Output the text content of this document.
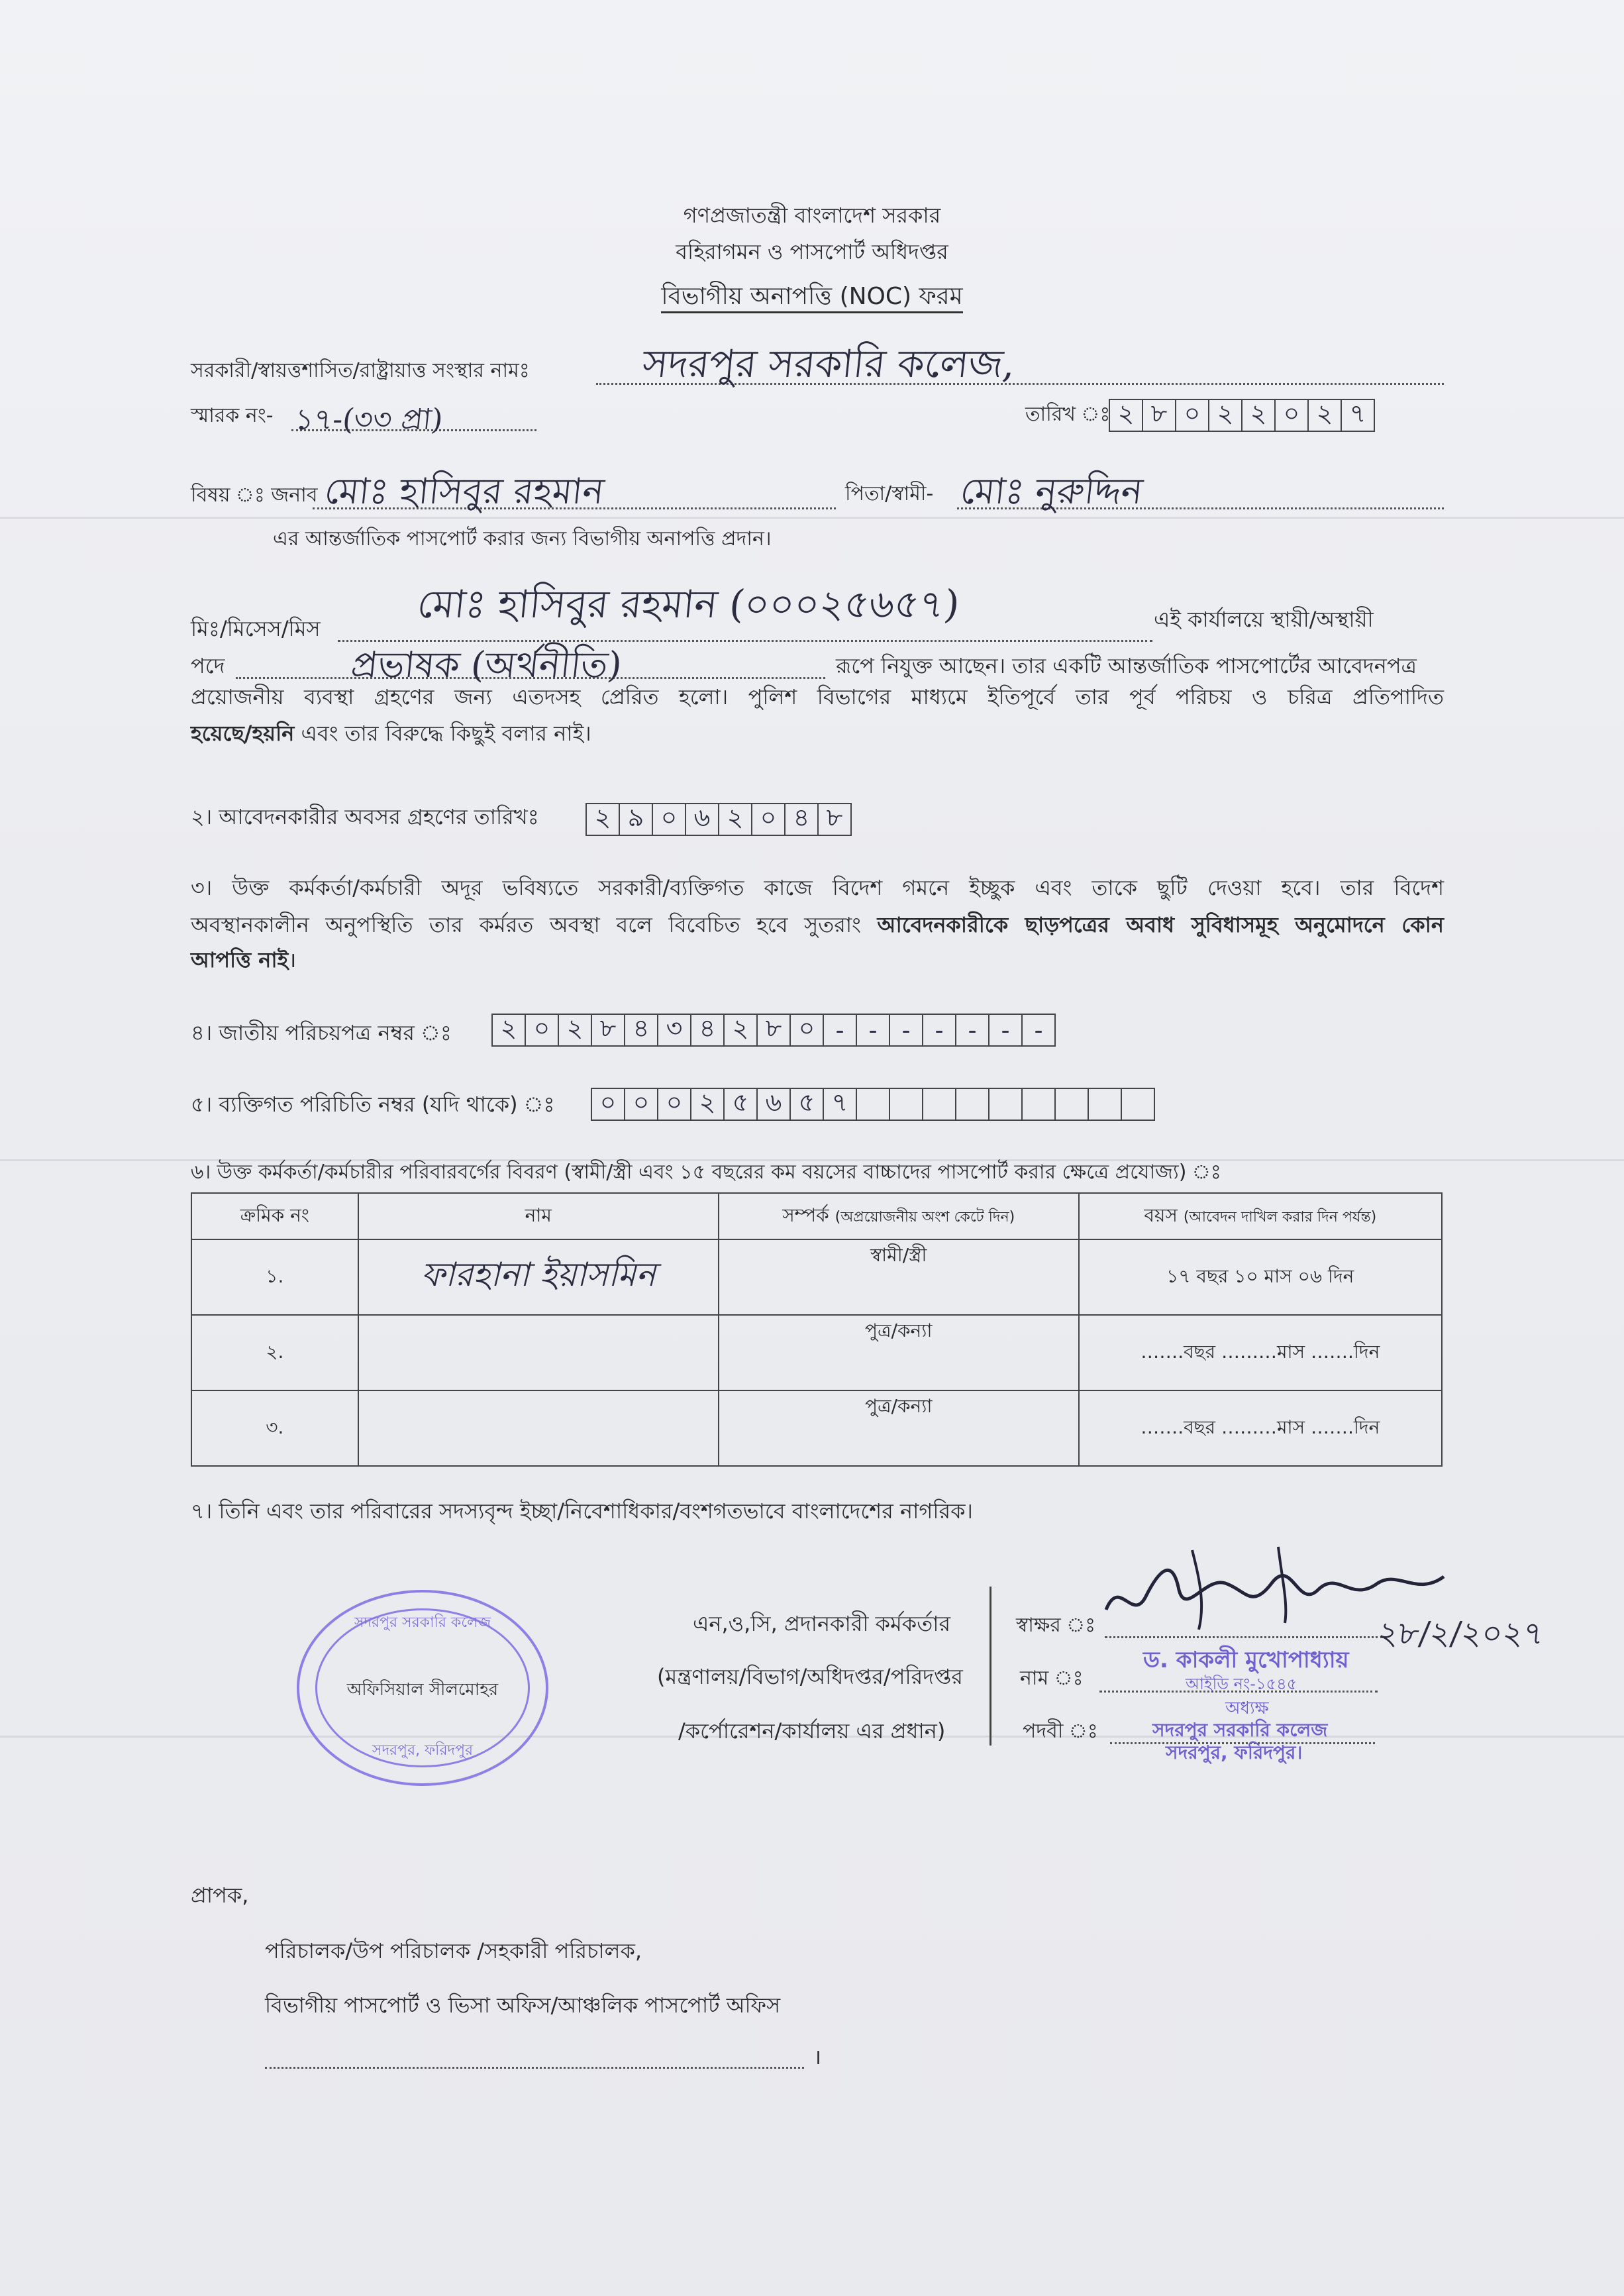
গণপ্রজাতন্ত্রী বাংলাদেশ সরকার
বহিরাগমন ও পাসপোর্ট অধিদপ্তর
বিভাগীয় অনাপত্তি (NOC) ফরম
সরকারী/স্বায়ত্তশাসিত/রাষ্ট্রায়াত্ত সংস্থার নামঃ	সদরপুর সরকারি কলেজ,
স্মারক নং- ১৭-(৩৩ প্রা)	তারিখ ঃ ২ ৮ ০ ২ ২ ০ ২ ৭
বিষয় ঃ জনাব মোঃ হাসিবুর রহমান	পিতা/স্বামী- মোঃ নুরুদ্দিন
এর আন্তর্জাতিক পাসপোর্ট করার জন্য বিভাগীয় অনাপত্তি প্রদান।
মোঃ হাসিবুর রহমান (০০০২৫৬৫৭)
মিঃ/মিসেস/মিস	এই কার্যালয়ে স্থায়ী/অস্থায়ী
পদে	প্রভাষক (অর্থনীতি)	রূপে নিযুক্ত আছেন। তার একটি আন্তর্জাতিক পাসপোর্টের আবেদনপত্র
প্রয়োজনীয় ব্যবস্থা গ্রহণের জন্য এতদসহ প্রেরিত হলো। পুলিশ বিভাগের মাধ্যমে ইতিপূর্বে তার পূর্ব পরিচয় ও চরিত্র প্রতিপাদিত
হয়েছে/হয়নি এবং তার বিরুদ্ধে কিছুই বলার নাই।
২। আবেদনকারীর অবসর গ্রহণের তারিখঃ	২ ৯ ০ ৬ ২ ০ ৪ ৮
৩। উক্ত কর্মকর্তা/কর্মচারী অদূর ভবিষ্যতে সরকারী/ব্যক্তিগত কাজে বিদেশ গমনে ইচ্ছুক এবং তাকে ছুটি দেওয়া হবে। তার বিদেশ
অবস্থানকালীন অনুপস্থিতি তার কর্মরত অবস্থা বলে বিবেচিত হবে সুতরাং আবেদনকারীকে ছাড়পত্রের অবাধ সুবিধাসমূহ অনুমোদনে কোন
আপত্তি নাই।
৪। জাতীয় পরিচয়পত্র নম্বর ঃ	২ ০ ২ ৮ ৪ ৩ ৪ ২ ৮ ০ - - - - - - -
৫। ব্যক্তিগত পরিচিতি নম্বর (যদি থাকে) ঃ	০ ০ ০ ২ ৫ ৬ ৫ ৭
৬। উক্ত কর্মকর্তা/কর্মচারীর পরিবারবর্গের বিবরণ (স্বামী/স্ত্রী এবং ১৫ বছরের কম বয়সের বাচ্চাদের পাসপোর্ট করার ক্ষেত্রে প্রযোজ্য) ঃ
ক্রমিক নং	নাম	সম্পর্ক (অপ্রয়োজনীয় অংশ কেটে দিন)	বয়স (আবেদন দাখিল করার দিন পর্যন্ত)
১.	ফারহানা ইয়াসমিন	স্বামী/স্ত্রী	১৭ বছর ১০ মাস ০৬ দিন
২.		পুত্র/কন্যা	…….বছর ………মাস …….দিন
৩.		পুত্র/কন্যা	…….বছর ………মাস …….দিন
৭। তিনি এবং তার পরিবারের সদস্যবৃন্দ ইচ্ছা/নিবেশাধিকার/বংশগতভাবে বাংলাদেশের নাগরিক।
সদরপুর সরকারি কলেজ
অফিসিয়াল সীলমোহর
সদরপুর, ফরিদপুর
এন,ও,সি, প্রদানকারী কর্মকর্তার
(মন্ত্রণালয়/বিভাগ/অধিদপ্তর/পরিদপ্তর
/কর্পোরেশন/কার্যালয় এর প্রধান)
স্বাক্ষর ঃ
নাম ঃ
পদবী ঃ
২৮/২/২০২৭
ড. কাকলী মুখোপাধ্যায়
আইডি নং-১৫৪৫
অধ্যক্ষ
সদরপুর সরকারি কলেজ
সদরপুর, ফরিদপুর।
প্রাপক,
পরিচালক/উপ পরিচালক /সহকারী পরিচালক,
বিভাগীয় পাসপোর্ট ও ভিসা অফিস/আঞ্চলিক পাসপোর্ট অফিস
।
